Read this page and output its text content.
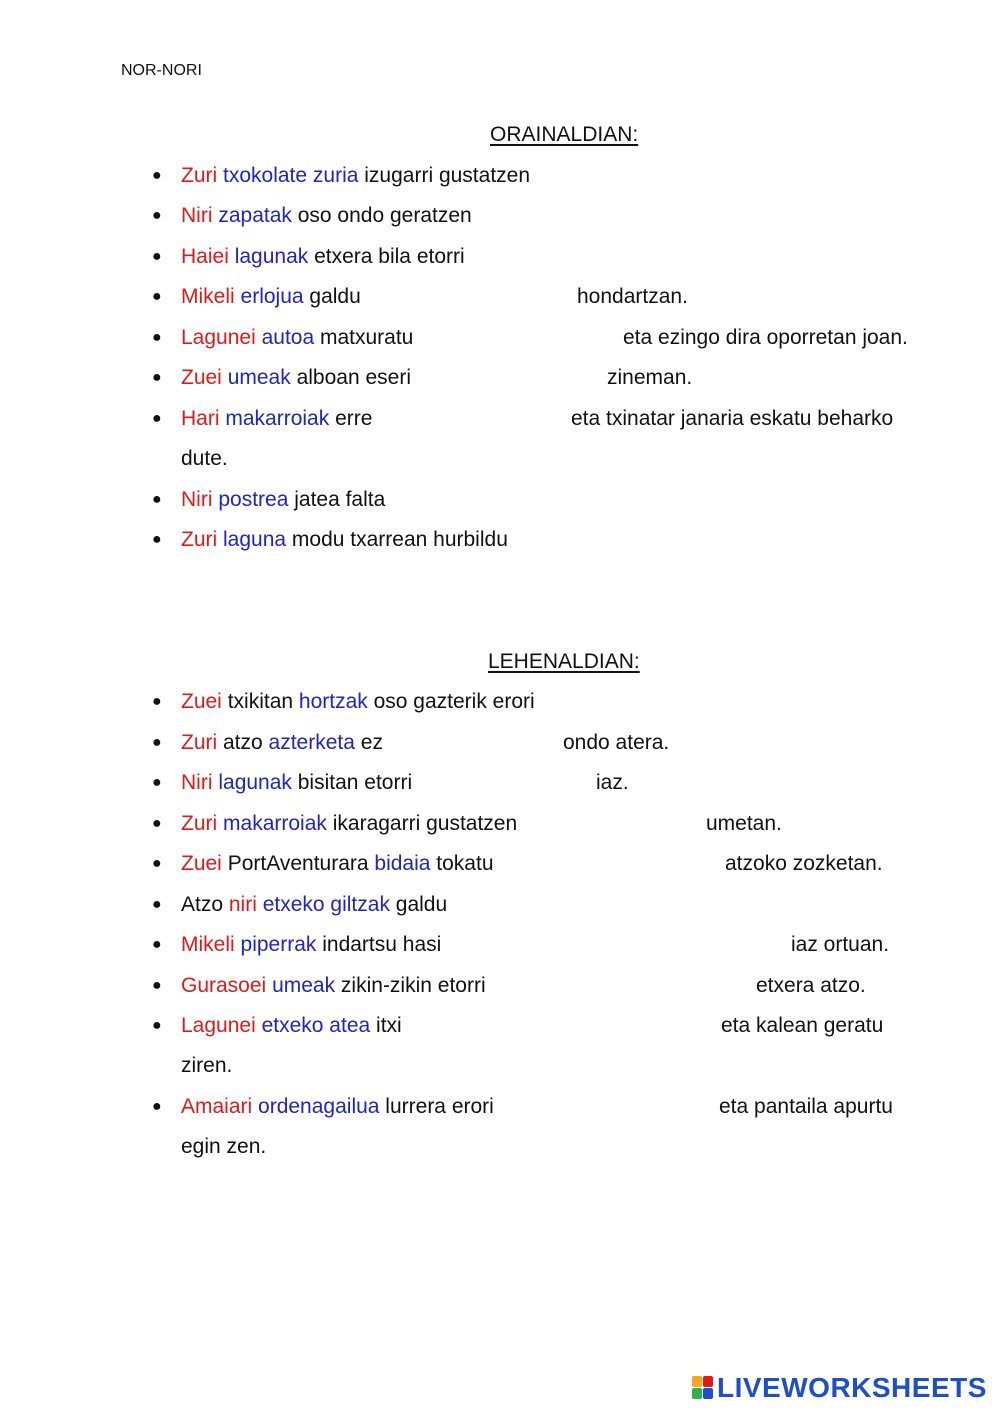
NOR-NORI
ORAINALDIAN:
● Zuri txokolate zuria izugarri gustatzen
● Niri zapatak oso ondo geratzen
● Haiei lagunak etxera bila etorri
● Mikeli erlojua galdu	hondartzan.
● Lagunei autoa matxuratu	eta ezingo dira oporretan joan.
● Zuei umeak alboan eseri	zineman.
● Hari makarroiak erre	eta txinatar janaria eskatu beharko
dute.
● Niri postrea jatea falta
● Zuri laguna modu txarrean hurbildu
LEHENALDIAN:
● Zuei txikitan hortzak oso gazterik erori
● Zuri atzo azterketa ez	ondo atera.
● Niri lagunak bisitan etorri	iaz.
● Zuri makarroiak ikaragarri gustatzen	umetan.
● Zuei PortAventurara bidaia tokatu	atzoko zozketan.
● Atzo niri etxeko giltzak galdu
● Mikeli piperrak indartsu hasi	iaz ortuan.
● Gurasoei umeak zikin-zikin etorri	etxera atzo.
● Lagunei etxeko atea itxi	eta kalean geratu
ziren.
● Amaiari ordenagailua lurrera erori	eta pantaila apurtu
egin zen.
LIVEWORKSHEETS
